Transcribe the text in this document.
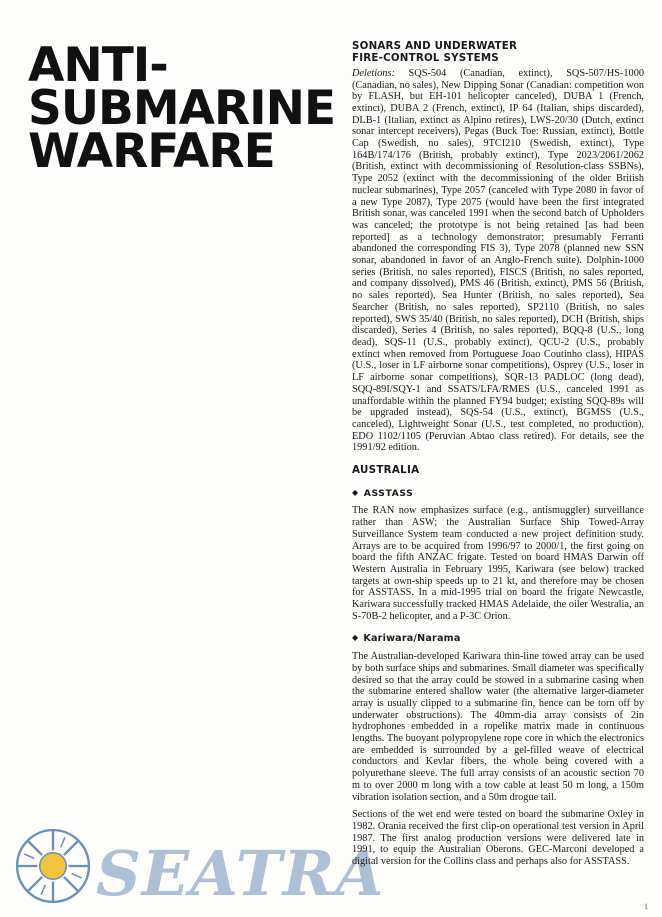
ANTI-
SUBMARINE
WARFARE
SEATRA
SONARS AND UNDERWATER
FIRE-CONTROL SYSTEMS

Deletions: SQS-504 (Canadian, extinct), SQS-507/HS-1000 (Canadian, no sales), New Dipping Sonar (Canadian: competition won by FLASH, but EH-101 helicopter canceled), DUBA 1 (French, extinct), DUBA 2 (French, extinct), IP 64 (Italian, ships discarded), DLB-1 (Italian, extinct as Alpino retires), LWS-20/30 (Dutch, extinct sonar intercept receivers), Pegas (Buck Toe: Russian, extinct), Bottle Cap (Swedish, no sales), 9TCI210 (Swedish, extinct), Type 164B/174/176 (British, probably extinct), Type 2023/2061/2062 (British, extinct with decommissioning of Resolution-class SSBNs), Type 2052 (extinct with the decommissioning of the older British nuclear submarines), Type 2057 (canceled with Type 2080 in favor of a new Type 2087), Type 2075 (would have been the first integrated British sonar, was canceled 1991 when the second batch of Upholders was canceled; the prototype is not being retained [as had been reported] as a technology demonstrator; presumably Ferranti abandoned the corresponding FIS 3), Type 2078 (planned new SSN sonar, abandoned in favor of an Anglo-French suite). Dolphin-1000 series (British, no sales reported), FISCS (British, no sales reported, and company dissolved), PMS 46 (British, extinct), PMS 56 (British, no sales reported), Sea Hunter (British, no sales reported), Sea Searcher (British, no sales reported), SP2110 (British, no sales reported), SWS 35/40 (British, no sales reported), DCH (British, ships discarded), Series 4 (British, no sales reported), BQQ-8 (U.S., long dead), SQS-11 (U.S., probably extinct), QCU-2 (U.S., probably extinct when removed from Portuguese Joao Coutinho class), HIPAS (U.S., loser in LF airborne sonar competitions), Osprey (U.S., loser in LF airborne sonar competitions), SQR-13 PADLOC (long dead), SQQ-89I/SQY-1 and SSATS/LFA/RMES (U.S., canceled 1991 as unaffordable within the planned FY94 budget; existing SQQ-89s will be upgraded instead), SQS-54 (U.S., extinct), BGMSS (U.S., canceled), Lightweight Sonar (U.S., test completed, no production), EDO 1102/1105 (Peruvian Abtao class retired). For details, see the 1991/92 edition.

AUSTRALIA
◆ ASSTASS

The RAN now emphasizes surface (e.g., antismuggler) surveillance rather than ASW; the Australian Surface Ship Towed-Array Surveillance System team conducted a new project definition study. Arrays are to be acquired from 1996/97 to 2000/1, the first going on board the fifth ANZAC frigate. Tested on board HMAS Darwin off Western Australia in February 1995, Kariwara (see below) tracked targets at own-ship speeds up to 21 kt, and therefore may be chosen for ASSTASS. In a mid-1995 trial on board the frigate Newcastle, Kariwara successfully tracked HMAS Adelaide, the oiler Westralia, an S-70B-2 helicopter, and a P-3C Orion.

◆ Kariwara/Narama

The Australian-developed Kariwara thin-line towed array can be used by both surface ships and submarines. Small diameter was specifically desired so that the array could be stowed in a submarine casing when the submarine entered shallow water (the alternative larger-diameter array is usually clipped to a submarine fin, hence can be torn off by underwater obstructions). The 40mm-dia array consists of 2in hydrophones embedded in a ropelike matrix made in continuous lengths. The buoyant polypropylene rope core in which the electronics are embedded is surrounded by a gel-filled weave of electrical conductors and Kevlar fibers, the whole being covered with a polyurethane sleeve. The full array consists of an acoustic section 70 m to over 2000 m long with a tow cable at least 50 m long, a 150m vibration isolation section, and a 50m drogue tail.

Sections of the wet end were tested on board the submarine Oxley in 1982. Orania received the first clip-on operational test version in April 1987. The first analog production versions were delivered late in 1991, to equip the Australian Oberons. GEC-Marconi developed a digital version for the Collins class and perhaps also for ASSTASS.

1
